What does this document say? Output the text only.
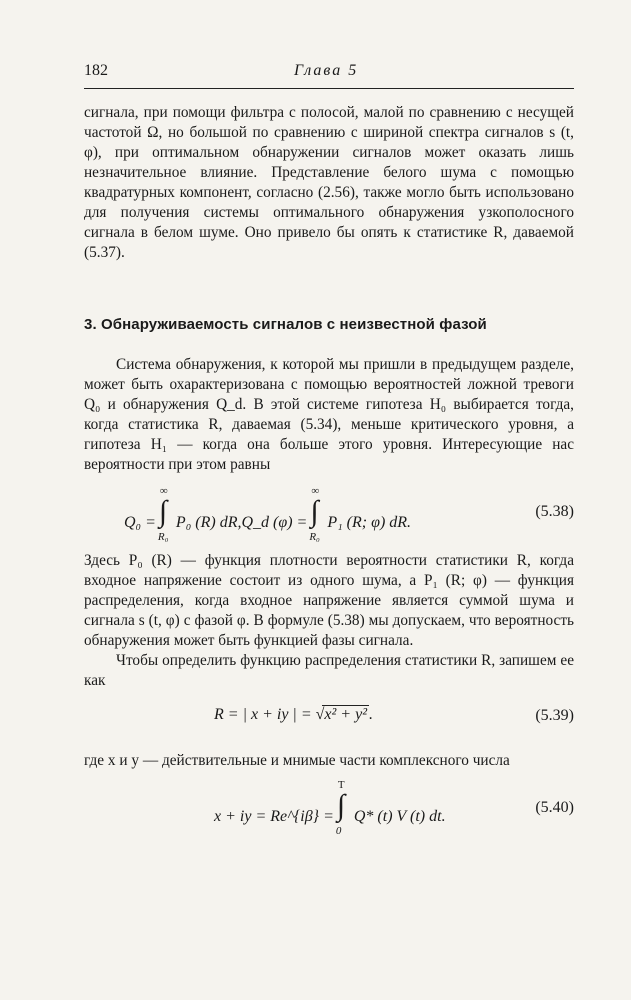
182	Глава 5

сигнала, при помощи фильтра с полосой, малой по сравнению с несущей частотой Ω, но большой по сравнению с шириной спектра сигналов s (t, φ), при оптимальном обнаружении сигналов может оказать лишь незначительное влияние. Представление белого шума с помощью квадратурных компонент, согласно (2.56), также могло быть использовано для получения системы оптимального обнаружения узкополосного сигнала в белом шуме. Оно привело бы опять к статистике R, даваемой (5.37).

3. Обнаруживаемость сигналов с неизвестной фазой

Система обнаружения, к которой мы пришли в предыдущем разделе, может быть охарактеризована с помощью вероятностей ложной тревоги Q₀ и обнаружения Q_d. В этой системе гипотеза H₀ выбирается тогда, когда статистика R, даваемая (5.34), меньше критического уровня, а гипотеза H₁ — когда она больше этого уровня. Интересующие нас вероятности при этом равны

Q₀ =
∞
∫
R₀
P₀ (R) dR,Q_d (φ) =
∞
∫
R₀
P₁ (R; φ) dR.
(5.38)

Здесь P₀ (R) — функция плотности вероятности статистики R, когда входное напряжение состоит из одного шума, а P₁ (R; φ) — функция распределения, когда входное напряжение является суммой шума и сигнала s (t, φ) с фазой φ. В формуле (5.38) мы допускаем, что вероятность обнаружения может быть функцией фазы сигнала.

Чтобы определить функцию распределения статистики R, запишем ее как

R = | x + iy | = √x² + y² .	(5.39)

где x и y — действительные и мнимые части комплексного числа

x + iy = Re^{iβ} =
T
∫
0
Q* (t) V (t) dt.
(5.40)
